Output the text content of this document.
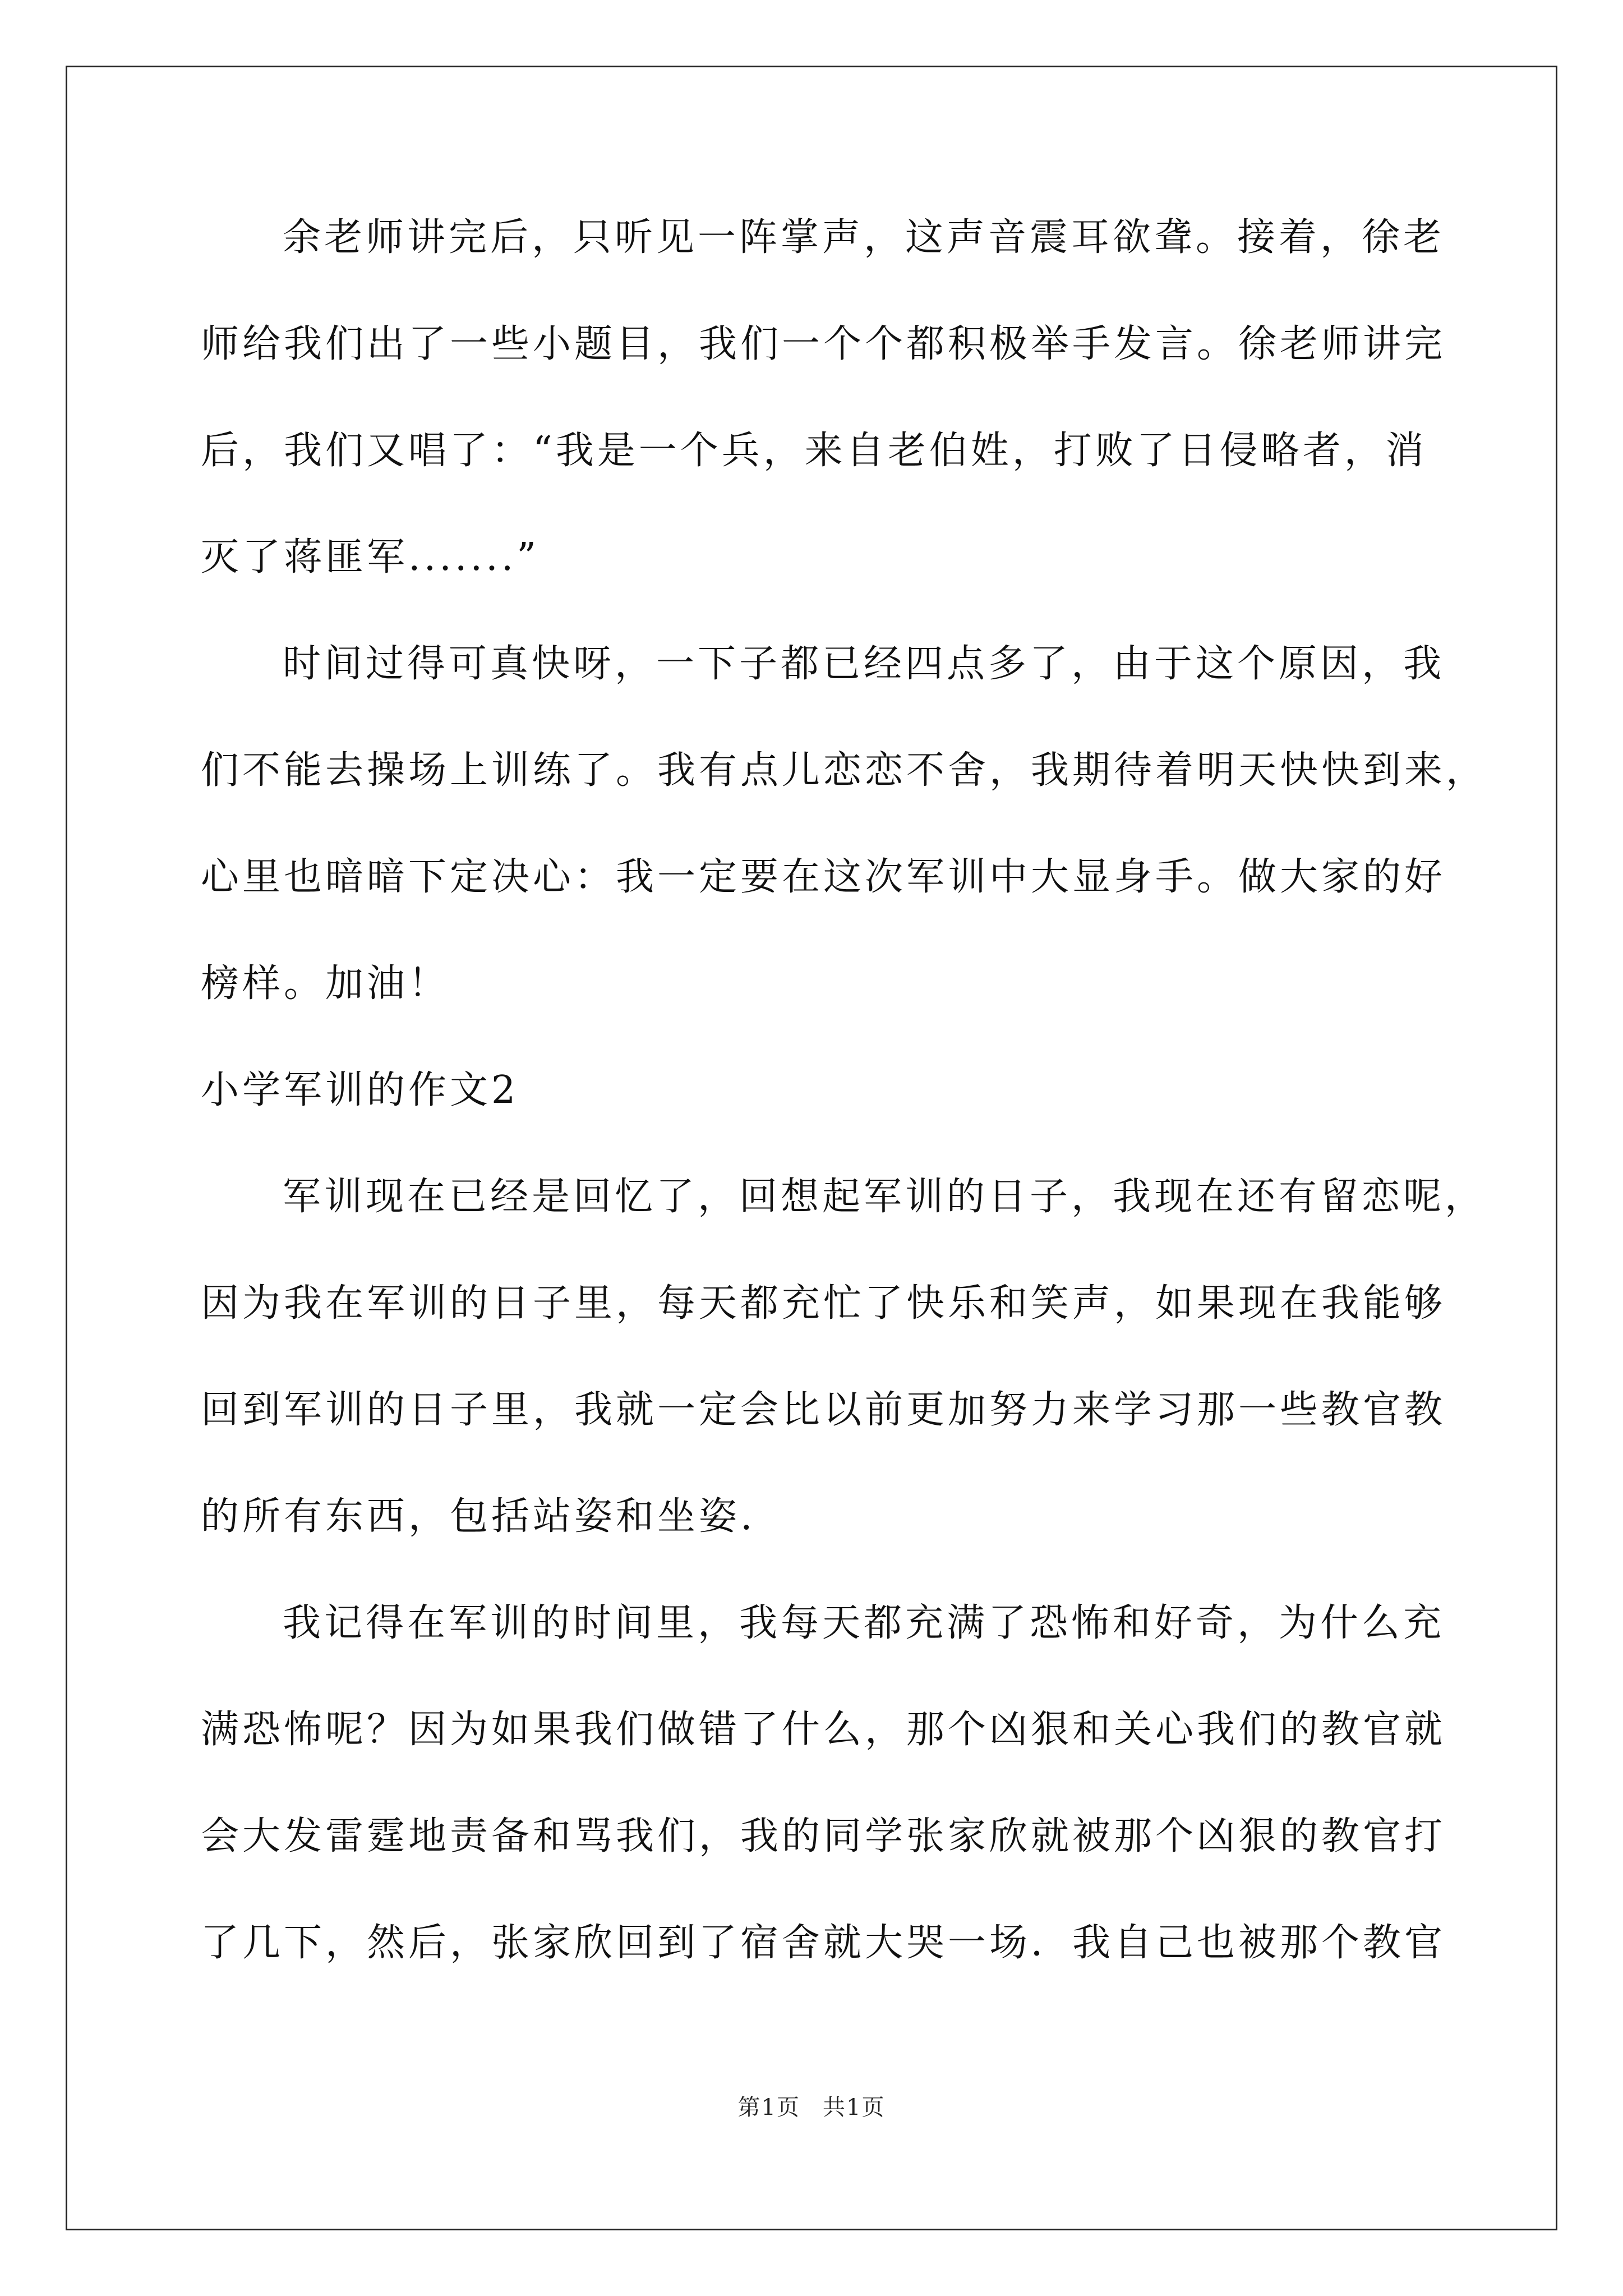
余老师讲完后，只听见一阵掌声，这声音震耳欲聋。接着，徐老
师给我们出了一些小题目，我们一个个都积极举手发言。徐老师讲完
后，我们又唱了：“我是一个兵，来自老伯姓，打败了日侵略者，消
灭了蒋匪军.......”
时间过得可真快呀，一下子都已经四点多了，由于这个原因，我
们不能去操场上训练了。我有点儿恋恋不舍，我期待着明天快快到来，
心里也暗暗下定决心：我一定要在这次军训中大显身手。做大家的好
榜样。加油！
小学军训的作文2
军训现在已经是回忆了，回想起军训的日子，我现在还有留恋呢，
因为我在军训的日子里，每天都充忙了快乐和笑声，如果现在我能够
回到军训的日子里，我就一定会比以前更加努力来学习那一些教官教
的所有东西，包括站姿和坐姿.
我记得在军训的时间里，我每天都充满了恐怖和好奇，为什么充
满恐怖呢？因为如果我们做错了什么，那个凶狠和关心我们的教官就
会大发雷霆地责备和骂我们，我的同学张家欣就被那个凶狠的教官打
了几下，然后，张家欣回到了宿舍就大哭一场．我自己也被那个教官
第1页 共1页
